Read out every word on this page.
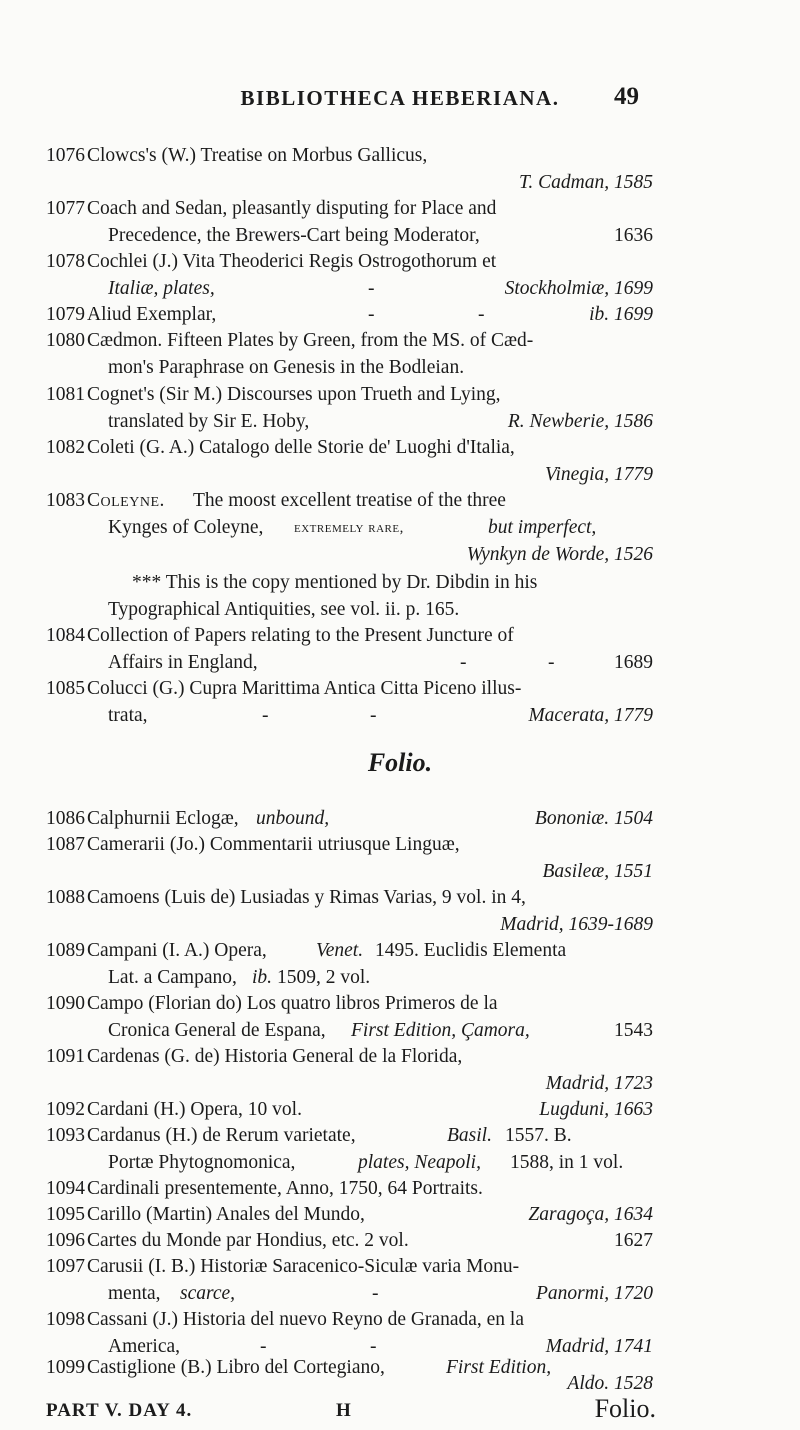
BIBLIOTHECA HEBERIANA.	49
1076 Clowcs's (W.) Treatise on Morbus Gallicus,
T. Cadman, 1585
1077 Coach and Sedan, pleasantly disputing for Place and
Precedence, the Brewers-Cart being Moderator,	1636
1078 Cochlei (J.) Vita Theoderici Regis Ostrogothorum et
Italiæ, plates,	-	Stockholmiæ, 1699
1079 Aliud Exemplar,	-	-	ib. 1699
1080 Cædmon. Fifteen Plates by Green, from the MS. of Cæd-
mon's Paraphrase on Genesis in the Bodleian.
1081 Cognet's (Sir M.) Discourses upon Trueth and Lying,
translated by Sir E. Hoby,	R. Newberie, 1586
1082 Coleti (G. A.) Catalogo delle Storie de' Luoghi d'Italia,
Vinegia, 1779
1083 Coleyne. The moost excellent treatise of the three
Kynges of Coleyne, extremely rare,	but imperfect,
Wynkyn de Worde, 1526
*** This is the copy mentioned by Dr. Dibdin in his
Typographical Antiquities, see vol. ii. p. 165.
1084 Collection of Papers relating to the Present Juncture of
Affairs in England,	-	-	1689
1085 Colucci (G.) Cupra Marittima Antica Citta Piceno illus-
trata,	-	-	Macerata, 1779
Folio.
1086 Calphurnii Eclogæ, unbound,	Bononiæ. 1504
1087 Camerarii (Jo.) Commentarii utriusque Linguæ,
Basileæ, 1551
1088 Camoens (Luis de) Lusiadas y Rimas Varias, 9 vol. in 4,
Madrid, 1639-1689
1089 Campani (I. A.) Opera,	Venet. 1495. Euclidis Elementa
Lat. a Campano, ib. 1509, 2 vol.
1090 Campo (Florian do) Los quatro libros Primeros de la
Cronica General de Espana, First Edition, Çamora,	1543
1091 Cardenas (G. de) Historia General de la Florida,
Madrid, 1723
1092 Cardani (H.) Opera, 10 vol.	Lugduni, 1663
1093 Cardanus (H.) de Rerum varietate,	Basil. 1557. B.
Portæ Phytognomonica,	plates, Neapoli, 1588, in 1 vol.
1094 Cardinali presentemente, Anno, 1750, 64 Portraits.
1095 Carillo (Martin) Anales del Mundo,	Zaragoça, 1634
1096 Cartes du Monde par Hondius, etc. 2 vol.	1627
1097 Carusii (I. B.) Historiæ Saracenico-Siculæ varia Monu-
menta, scarce,	-	Panormi, 1720
1098 Cassani (J.) Historia del nuevo Reyno de Granada, en la
America,	-	-	Madrid, 1741
1099 Castiglione (B.) Libro del Cortegiano,	First Edition,
Aldo. 1528
PART V. DAY 4.	H	Folio.
